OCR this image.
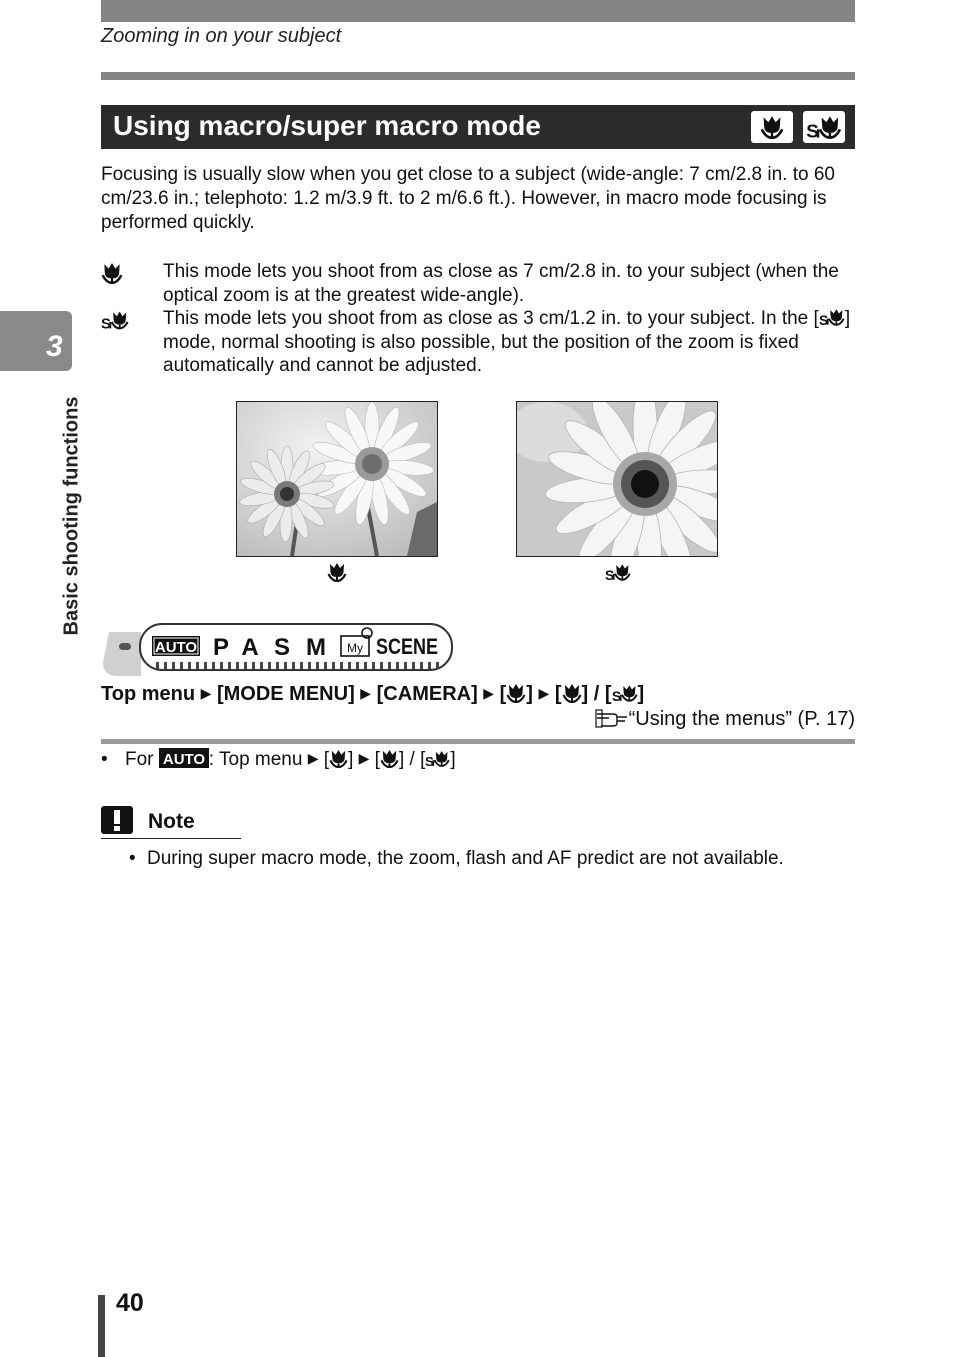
Zooming in on your subject
Using macro/super macro mode
Focusing is usually slow when you get close to a subject (wide-angle: 7 cm/2.8 in. to 60 cm/23.6 in.; telephoto: 1.2 m/3.9 ft. to 2 m/6.6 ft.). However, in macro mode focusing is performed quickly.
This mode lets you shoot from as close as 7 cm/2.8 in. to your subject (when the optical zoom is at the greatest wide-angle).
This mode lets you shoot from as close as 3 cm/1.2 in. to your subject. In the [ ] mode, normal shooting is also possible, but the position of the zoom is fixed automatically and cannot be adjusted.
3
Basic shooting functions
AUTO P A S M My SCENE
Top menu ▶ [MODE MENU] ▶ [CAMERA] ▶ [ ] ▶ [ ] / [ ]
“Using the menus” (P. 17)
• For AUTO : Top menu ▶ [ ] ▶ [ ] / [ ]
Note
• During super macro mode, the zoom, flash and AF predict are not available.
40
